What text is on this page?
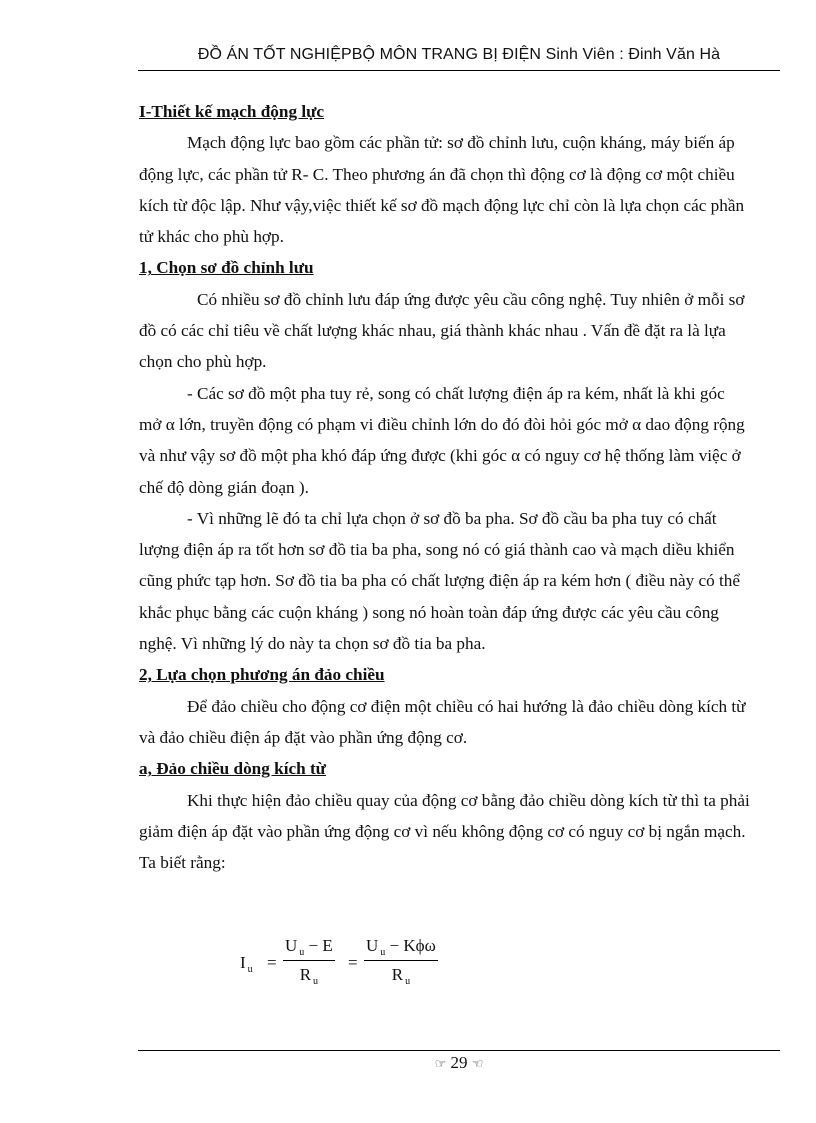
ĐỒ ÁN TỐT NGHIỆPBỘ MÔN TRANG BỊ ĐIỆN Sinh Viên : Đinh Văn Hà

I-Thiết kế mạch động lực

Mạch động lực bao gồm các phần tử: sơ đồ chỉnh lưu, cuộn kháng, máy biến áp động lực, các phần tử R- C. Theo phương án đã chọn thì động cơ là động cơ một chiều kích từ độc lập. Như vậy,việc thiết kế sơ đồ mạch động lực chỉ còn là lựa chọn các phần tử khác cho phù hợp.

1, Chọn sơ đồ chỉnh lưu

Có nhiều sơ đồ chỉnh lưu đáp ứng được yêu cầu công nghệ. Tuy nhiên ở mỗi sơ đồ có các chỉ tiêu về chất lượng khác nhau, giá thành khác nhau . Vấn đề đặt ra là lựa chọn cho phù hợp.

- Các sơ đồ một pha tuy rẻ, song có chất lượng điện áp ra kém, nhất là khi góc mở α lớn, truyền động có phạm vi điều chỉnh lớn do đó đòi hỏi góc mở α dao động rộng và như vậy sơ đồ một pha khó đáp ứng được (khi góc α có nguy cơ hệ thống làm việc ở chế độ dòng gián đoạn ).

- Vì những lẽ đó ta chỉ lựa chọn ở sơ đồ ba pha. Sơ đồ cầu ba pha tuy có chất lượng điện áp ra tốt hơn sơ đồ tia ba pha, song nó có giá thành cao và mạch diều khiển cũng phức tạp hơn. Sơ đồ tia ba pha có chất lượng điện áp ra kém hơn ( điều này có thể khắc phục bằng các cuộn kháng ) song nó hoàn toàn đáp ứng được các yêu cầu công nghệ. Vì những lý do này ta chọn sơ đồ tia ba pha.

2, Lựa chọn phương án đảo chiều

Để đảo chiều cho động cơ điện một chiều có hai hướng là đảo chiều dòng kích từ và đảo chiều điện áp đặt vào phần ứng động cơ.

a, Đảo chiều dòng kích từ

Khi thực hiện đảo chiều quay của động cơ bằng đảo chiều dòng kích từ thì ta phải giảm điện áp đặt vào phần ứng động cơ vì nếu không động cơ có nguy cơ bị ngắn mạch. Ta biết rằng:

I $_u = \frac{U _u - E}{R _u}$ =
U $_u$ − Kϕω
R $_u$
☞ 29 ☜
